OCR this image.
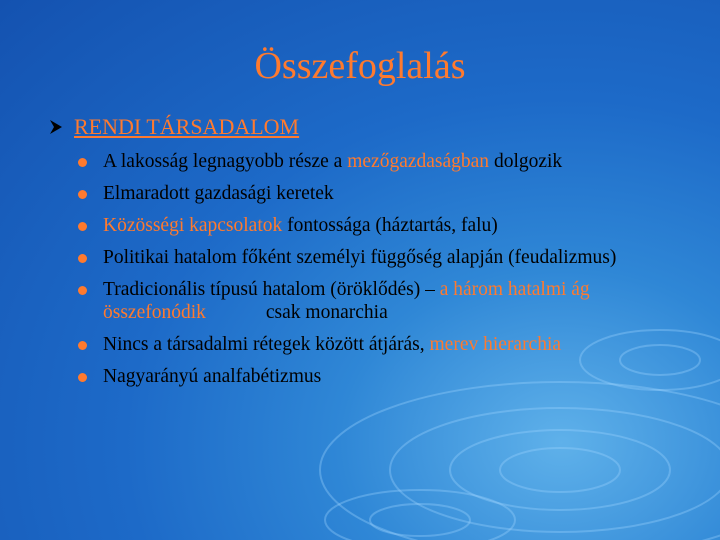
Összefoglalás
RENDI TÁRSADALOM
A lakosság legnagyobb része a mezőgazdaságban dolgozik
Elmaradott gazdasági keretek
Közösségi kapcsolatok fontossága (háztartás, falu)
Politikai hatalom főként személyi függőség alapján (feudalizmus)
Tradicionális típusú hatalom (öröklődés) – a három hatalmi ág összefonódik	csak monarchia
Nincs a társadalmi rétegek között átjárás, merev hierarchia
Nagyarányú analfabétizmus
